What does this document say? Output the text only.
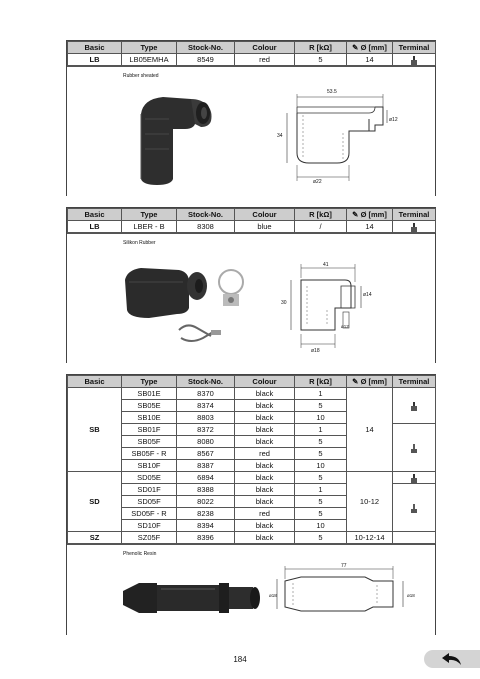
Basic	Type	Stock-No.	Colour	R [kΩ]	✎ Ø [mm]	Terminal
LB	LB05EMHA	8549	red	5	14	
Rubber sheated
53.5
34
ø12
ø22
Basic	Type	Stock-No.	Colour	R [kΩ]	✎ Ø [mm]	Terminal
LB	LBER - B	8308	blue	/	14	
Silikon Rubber
41
30
ø14
ø12
ø18
Basic	Type	Stock-No.	Colour	R [kΩ]	✎ Ø [mm]	Terminal
SB	SB01E	8370	black	1	14	
	SB05E	8374	black	5		
	SB10E	8803	black	10		
	SB01F	8372	black	1	
	SB05F	8080	black	5		
	SB05F - R	8567	red	5		
	SB10F	8387	black	10		
SD	SD05E	6894	black	5	10-12	
	SD01F	8388	black	1	
	SD05F	8022	black	5		
	SD05F - R	8238	red	5		
	SD10F	8394	black	10		
SZ	SZ05F	8396	black	5	10-12-14	
Phenolic Resin
77
ø18	ø18
184
